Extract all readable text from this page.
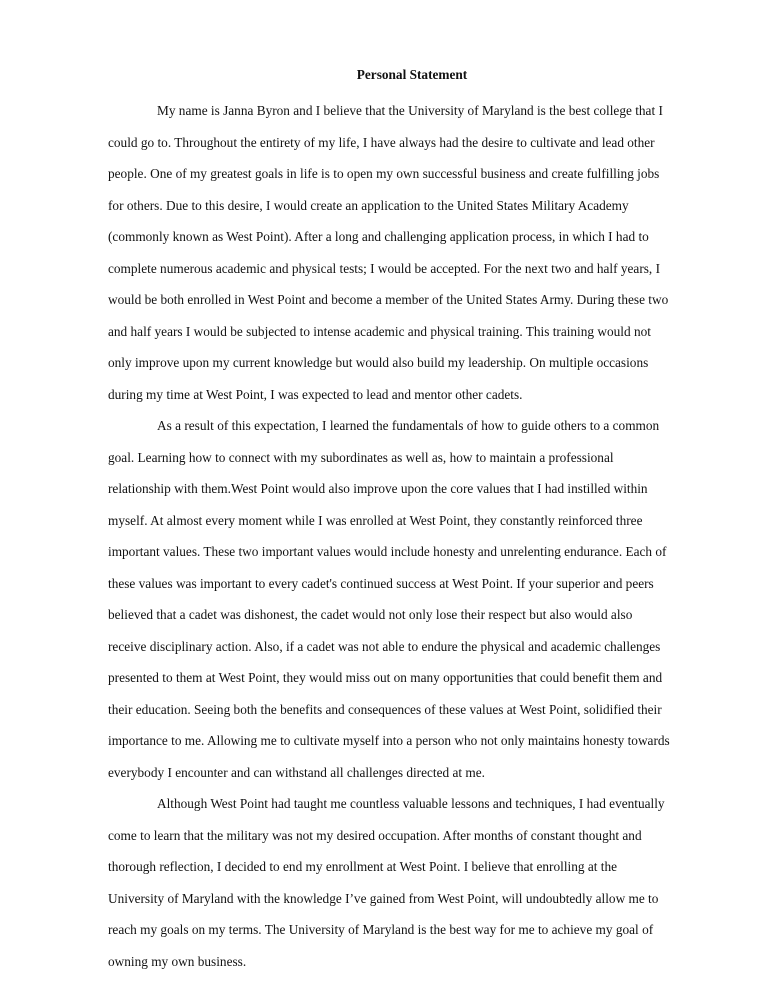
Personal Statement

My name is Janna Byron and I believe that the University of Maryland is the best college that I
could go to. Throughout the entirety of my life, I have always had the desire to cultivate and lead other
people. One of my greatest goals in life is to open my own successful business and create fulfilling jobs
for others. Due to this desire, I would create an application to the United States Military Academy
(commonly known as West Point). After a long and challenging application process, in which I had to
complete numerous academic and physical tests; I would be accepted. For the next two and half years, I
would be both enrolled in West Point and become a member of the United States Army. During these two
and half years I would be subjected to intense academic and physical training. This training would not
only improve upon my current knowledge but would also build my leadership. On multiple occasions
during my time at West Point, I was expected to lead and mentor other cadets.

As a result of this expectation, I learned the fundamentals of how to guide others to a common
goal. Learning how to connect with my subordinates as well as, how to maintain a professional
relationship with them.West Point would also improve upon the core values that I had instilled within
myself. At almost every moment while I was enrolled at West Point, they constantly reinforced three
important values. These two important values would include honesty and unrelenting endurance. Each of
these values was important to every cadet's continued success at West Point. If your superior and peers
believed that a cadet was dishonest, the cadet would not only lose their respect but also would also
receive disciplinary action. Also, if a cadet was not able to endure the physical and academic challenges
presented to them at West Point, they would miss out on many opportunities that could benefit them and
their education. Seeing both the benefits and consequences of these values at West Point, solidified their
importance to me. Allowing me to cultivate myself into a person who not only maintains honesty towards
everybody I encounter and can withstand all challenges directed at me.

Although West Point had taught me countless valuable lessons and techniques, I had eventually
come to learn that the military was not my desired occupation. After months of constant thought and
thorough reflection, I decided to end my enrollment at West Point. I believe that enrolling at the
University of Maryland with the knowledge I’ve gained from West Point, will undoubtedly allow me to
reach my goals on my terms. The University of Maryland is the best way for me to achieve my goal of
owning my own business.
